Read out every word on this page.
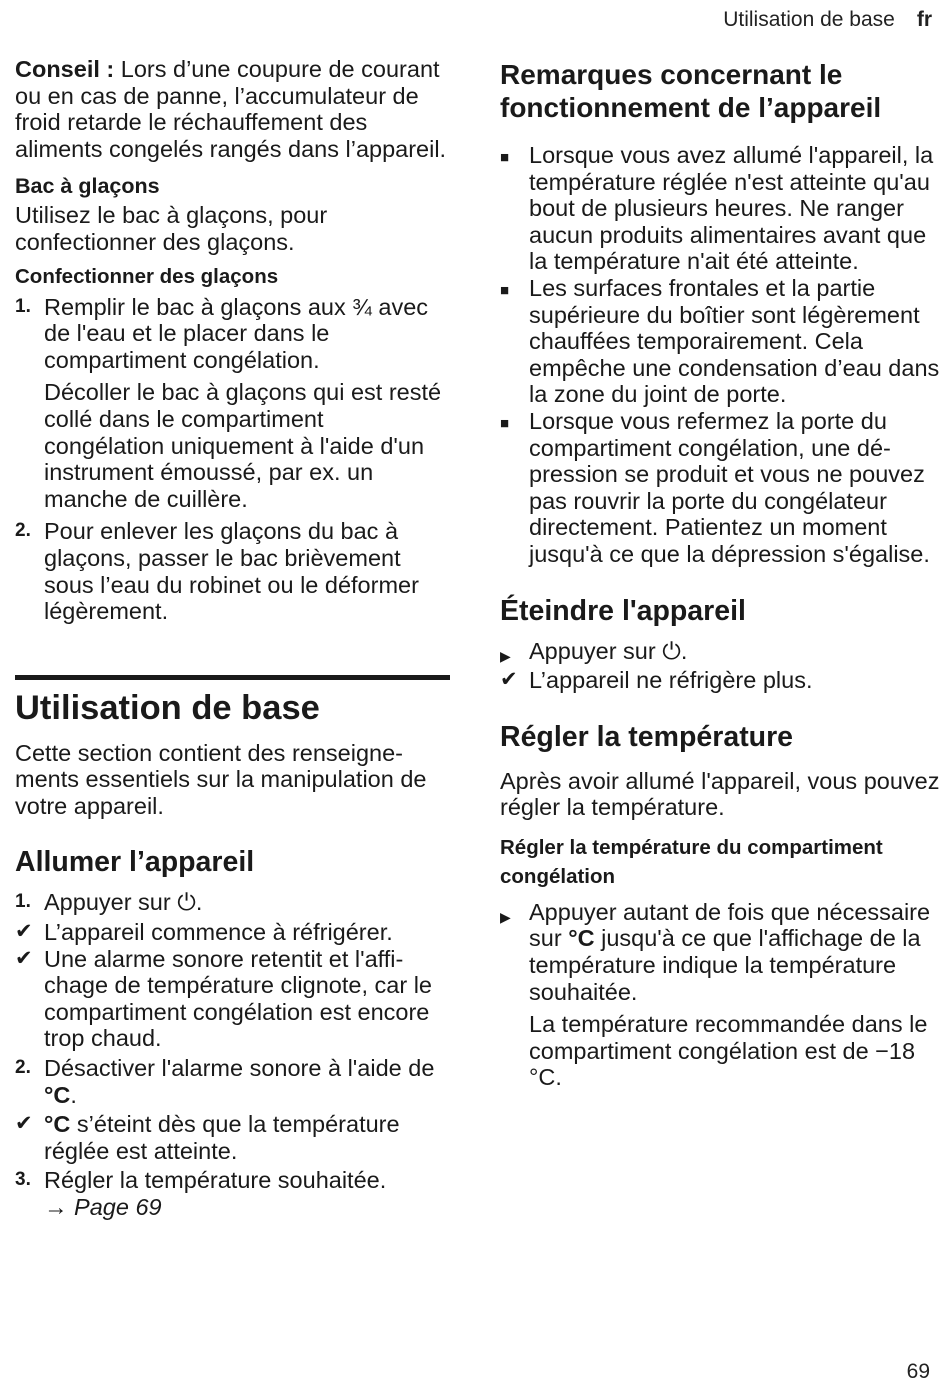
Utilisation de base fr

Conseil : Lors d’une coupure de courant ou en cas de panne, l’accumulateur de froid retarde le réchauffement des aliments congelés rangés dans l’appareil.

Bac à glaçons

Utilisez le bac à glaçons, pour confectionner des glaçons.

Confectionner des glaçons
1. Remplir le bac à glaçons aux ¾ avec de l'eau et le placer dans le compartiment congélation.
Décoller le bac à glaçons qui est resté collé dans le compartiment congélation uniquement à l'aide d'un instrument émoussé, par ex. un manche de cuillère.
2. Pour enlever les glaçons du bac à glaçons, passer le bac brièvement sous l’eau du robinet ou le déformer légèrement.
Utilisation de base

Cette section contient des renseignements essentiels sur la manipulation de votre appareil.

Allumer l’appareil
1. Appuyer sur ⏻.
✔ L’appareil commence à réfrigérer.
✔ Une alarme sonore retentit et l'affichage de température clignote, car le compartiment congélation est encore trop chaud.
2. Désactiver l'alarme sonore à l'aide de °C.
✔ °C s’éteint dès que la température réglée est atteinte.
3. Régler la température souhaitée.
→ Page 69
Remarques concernant le fonctionnement de l’appareil
■ Lorsque vous avez allumé l'appareil, la température réglée n'est atteinte qu'au bout de plusieurs heures. Ne ranger aucun produits alimentaires avant que la température n'ait été atteinte.
■ Les surfaces frontales et la partie supérieure du boîtier sont légèrement chauffées temporairement. Cela empêche une condensation d’eau dans la zone du joint de porte.
■ Lorsque vous refermez la porte du compartiment congélation, une dépression se produit et vous ne pouvez pas rouvrir la porte du congélateur directement. Patientez un moment jusqu'à ce que la dépression s'égalise.
Éteindre l'appareil
▶ Appuyer sur ⏻.
✔ L’appareil ne réfrigère plus.
Régler la température

Après avoir allumé l'appareil, vous pouvez régler la température.

Régler la température du compartiment congélation
▶ Appuyer autant de fois que nécessaire sur °C jusqu'à ce que l'affichage de la température indique la température souhaitée.
La température recommandée dans le compartiment congélation est de −18 °C.
69
